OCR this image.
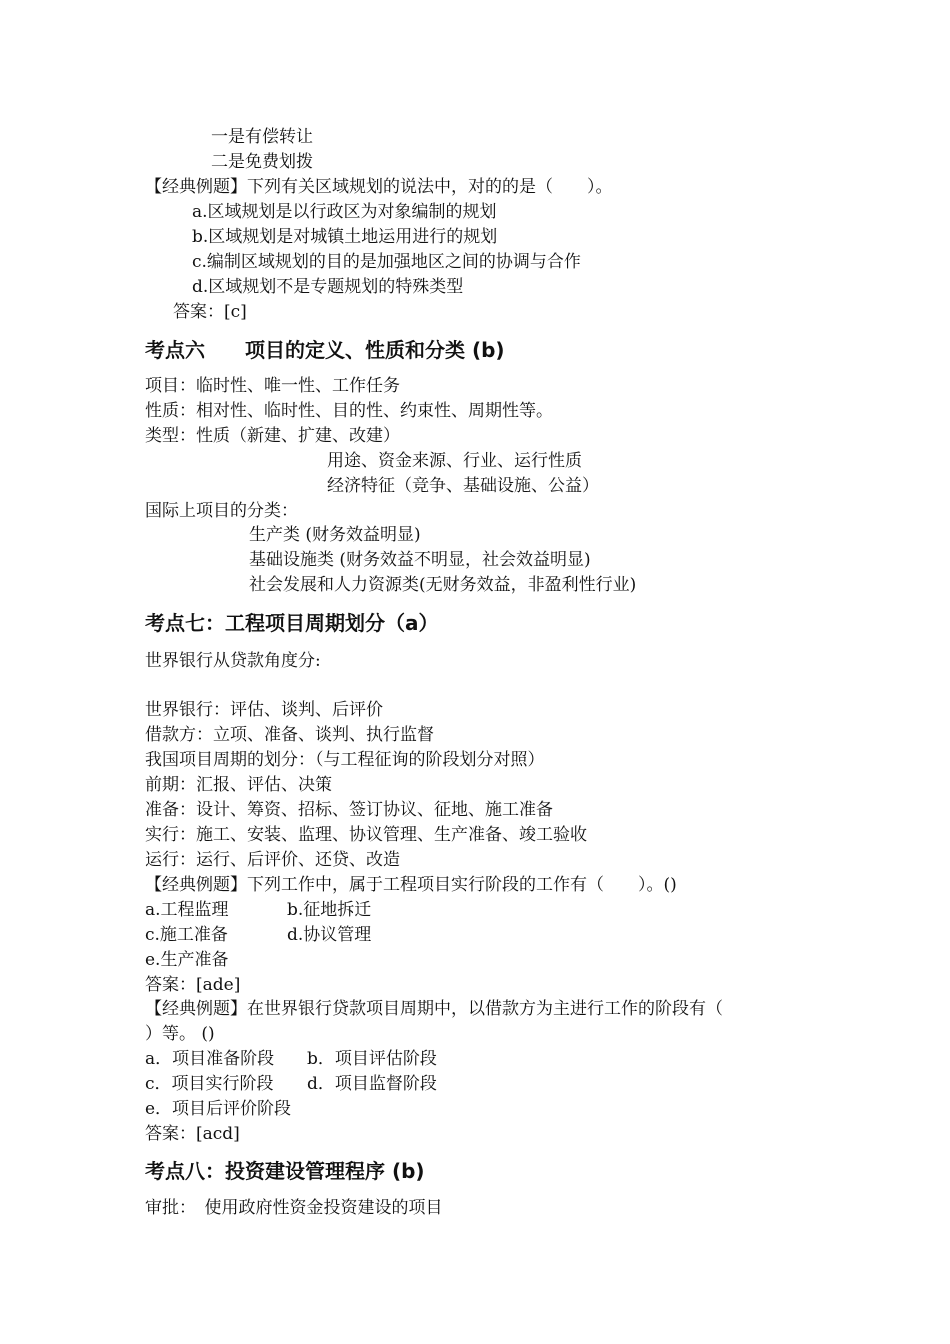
一是有偿转让
二是免费划拨
【经典例题】下列有关区域规划的说法中，对的的是（　　）。
a.区域规划是以行政区为对象编制的规划
b.区域规划是对城镇土地运用进行的规划
c.编制区域规划的目的是加强地区之间的协调与合作
d.区域规划不是专题规划的特殊类型
答案：[c]
考点六　　项目的定义、性质和分类 (b)
项目：临时性、唯一性、工作任务
性质：相对性、临时性、目的性、约束性、周期性等。
类型：性质（新建、扩建、改建）
用途、资金来源、行业、运行性质
经济特征（竞争、基础设施、公益）
国际上项目的分类：
生产类 (财务效益明显)
基础设施类 (财务效益不明显，社会效益明显)
社会发展和人力资源类(无财务效益，非盈利性行业)
考点七：工程项目周期划分（a）
世界银行从贷款角度分:
世界银行：评估、谈判、后评价
借款方：立项、准备、谈判、执行监督
我国项目周期的划分：（与工程征询的阶段划分对照）
前期：汇报、评估、决策
准备：设计、筹资、招标、签订协议、征地、施工准备
实行：施工、安装、监理、协议管理、生产准备、竣工验收
运行：运行、后评价、还贷、改造
【经典例题】下列工作中，属于工程项目实行阶段的工作有（　　）。()
a.工程监理	b.征地拆迁
c.施工准备	d.协议管理
e.生产准备
答案：[ade]
【经典例题】在世界银行贷款项目周期中，以借款方为主进行工作的阶段有（
）等。 ()
a．项目准备阶段 b．项目评估阶段
c．项目实行阶段 d．项目监督阶段
e．项目后评价阶段
答案：[acd]
考点八：投资建设管理程序 (b)
审批：　使用政府性资金投资建设的项目
